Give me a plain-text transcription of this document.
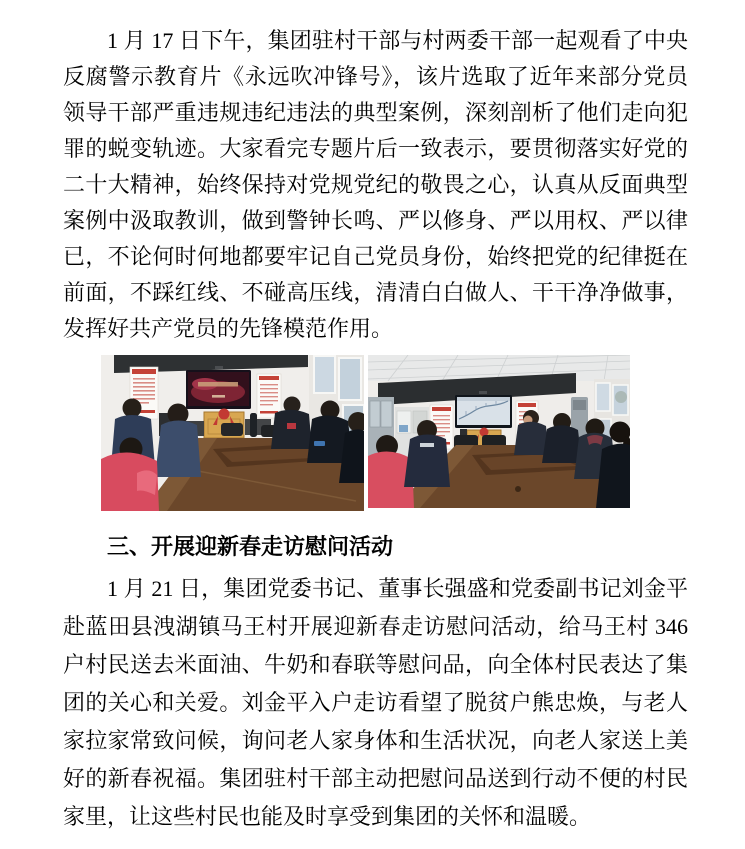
1 月 17 日下午，集团驻村干部与村两委干部一起观看了中央反腐警示教育片《永远吹冲锋号》，该片选取了近年来部分党员领导干部严重违规违纪违法的典型案例，深刻剖析了他们走向犯罪的蜕变轨迹。大家看完专题片后一致表示，要贯彻落实好党的二十大精神，始终保持对党规党纪的敬畏之心，认真从反面典型案例中汲取教训，做到警钟长鸣、严以修身、严以用权、严以律已，不论何时何地都要牢记自己党员身份，始终把党的纪律挺在前面，不踩红线、不碰高压线，清清白白做人、干干净净做事，发挥好共产党员的先锋模范作用。

三、开展迎新春走访慰问活动

1 月 21 日，集团党委书记、董事长强盛和党委副书记刘金平赴蓝田县洩湖镇马王村开展迎新春走访慰问活动，给马王村 346 户村民送去米面油、牛奶和春联等慰问品，向全体村民表达了集团的关心和关爱。刘金平入户走访看望了脱贫户熊忠焕，与老人家拉家常致问候，询问老人家身体和生活状况，向老人家送上美好的新春祝福。集团驻村干部主动把慰问品送到行动不便的村民家里，让这些村民也能及时享受到集团的关怀和温暖。
